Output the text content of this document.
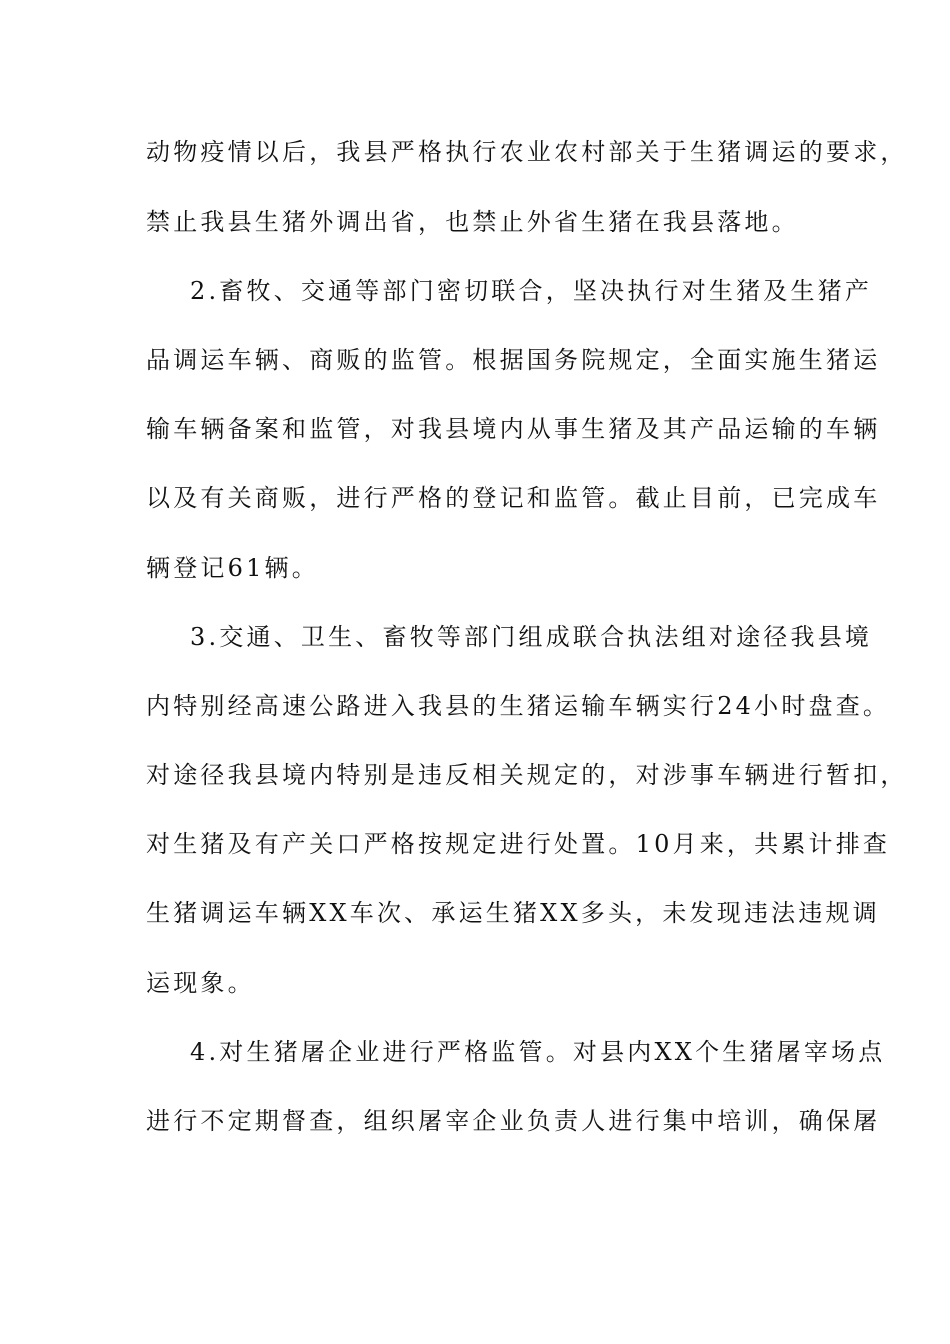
动物疫情以后，我县严格执行农业农村部关于生猪调运的要求，
禁止我县生猪外调出省，也禁止外省生猪在我县落地。
2.畜牧、交通等部门密切联合，坚决执行对生猪及生猪产
品调运车辆、商贩的监管。根据国务院规定，全面实施生猪运
输车辆备案和监管，对我县境内从事生猪及其产品运输的车辆
以及有关商贩，进行严格的登记和监管。截止目前，已完成车
辆登记61辆。
3.交通、卫生、畜牧等部门组成联合执法组对途径我县境
内特别经高速公路进入我县的生猪运输车辆实行24小时盘查。
对途径我县境内特别是违反相关规定的，对涉事车辆进行暂扣，
对生猪及有产关口严格按规定进行处置。10月来，共累计排查
生猪调运车辆XX车次、承运生猪XX多头，未发现违法违规调
运现象。
4.对生猪屠企业进行严格监管。对县内XX个生猪屠宰场点
进行不定期督查，组织屠宰企业负责人进行集中培训，确保屠
